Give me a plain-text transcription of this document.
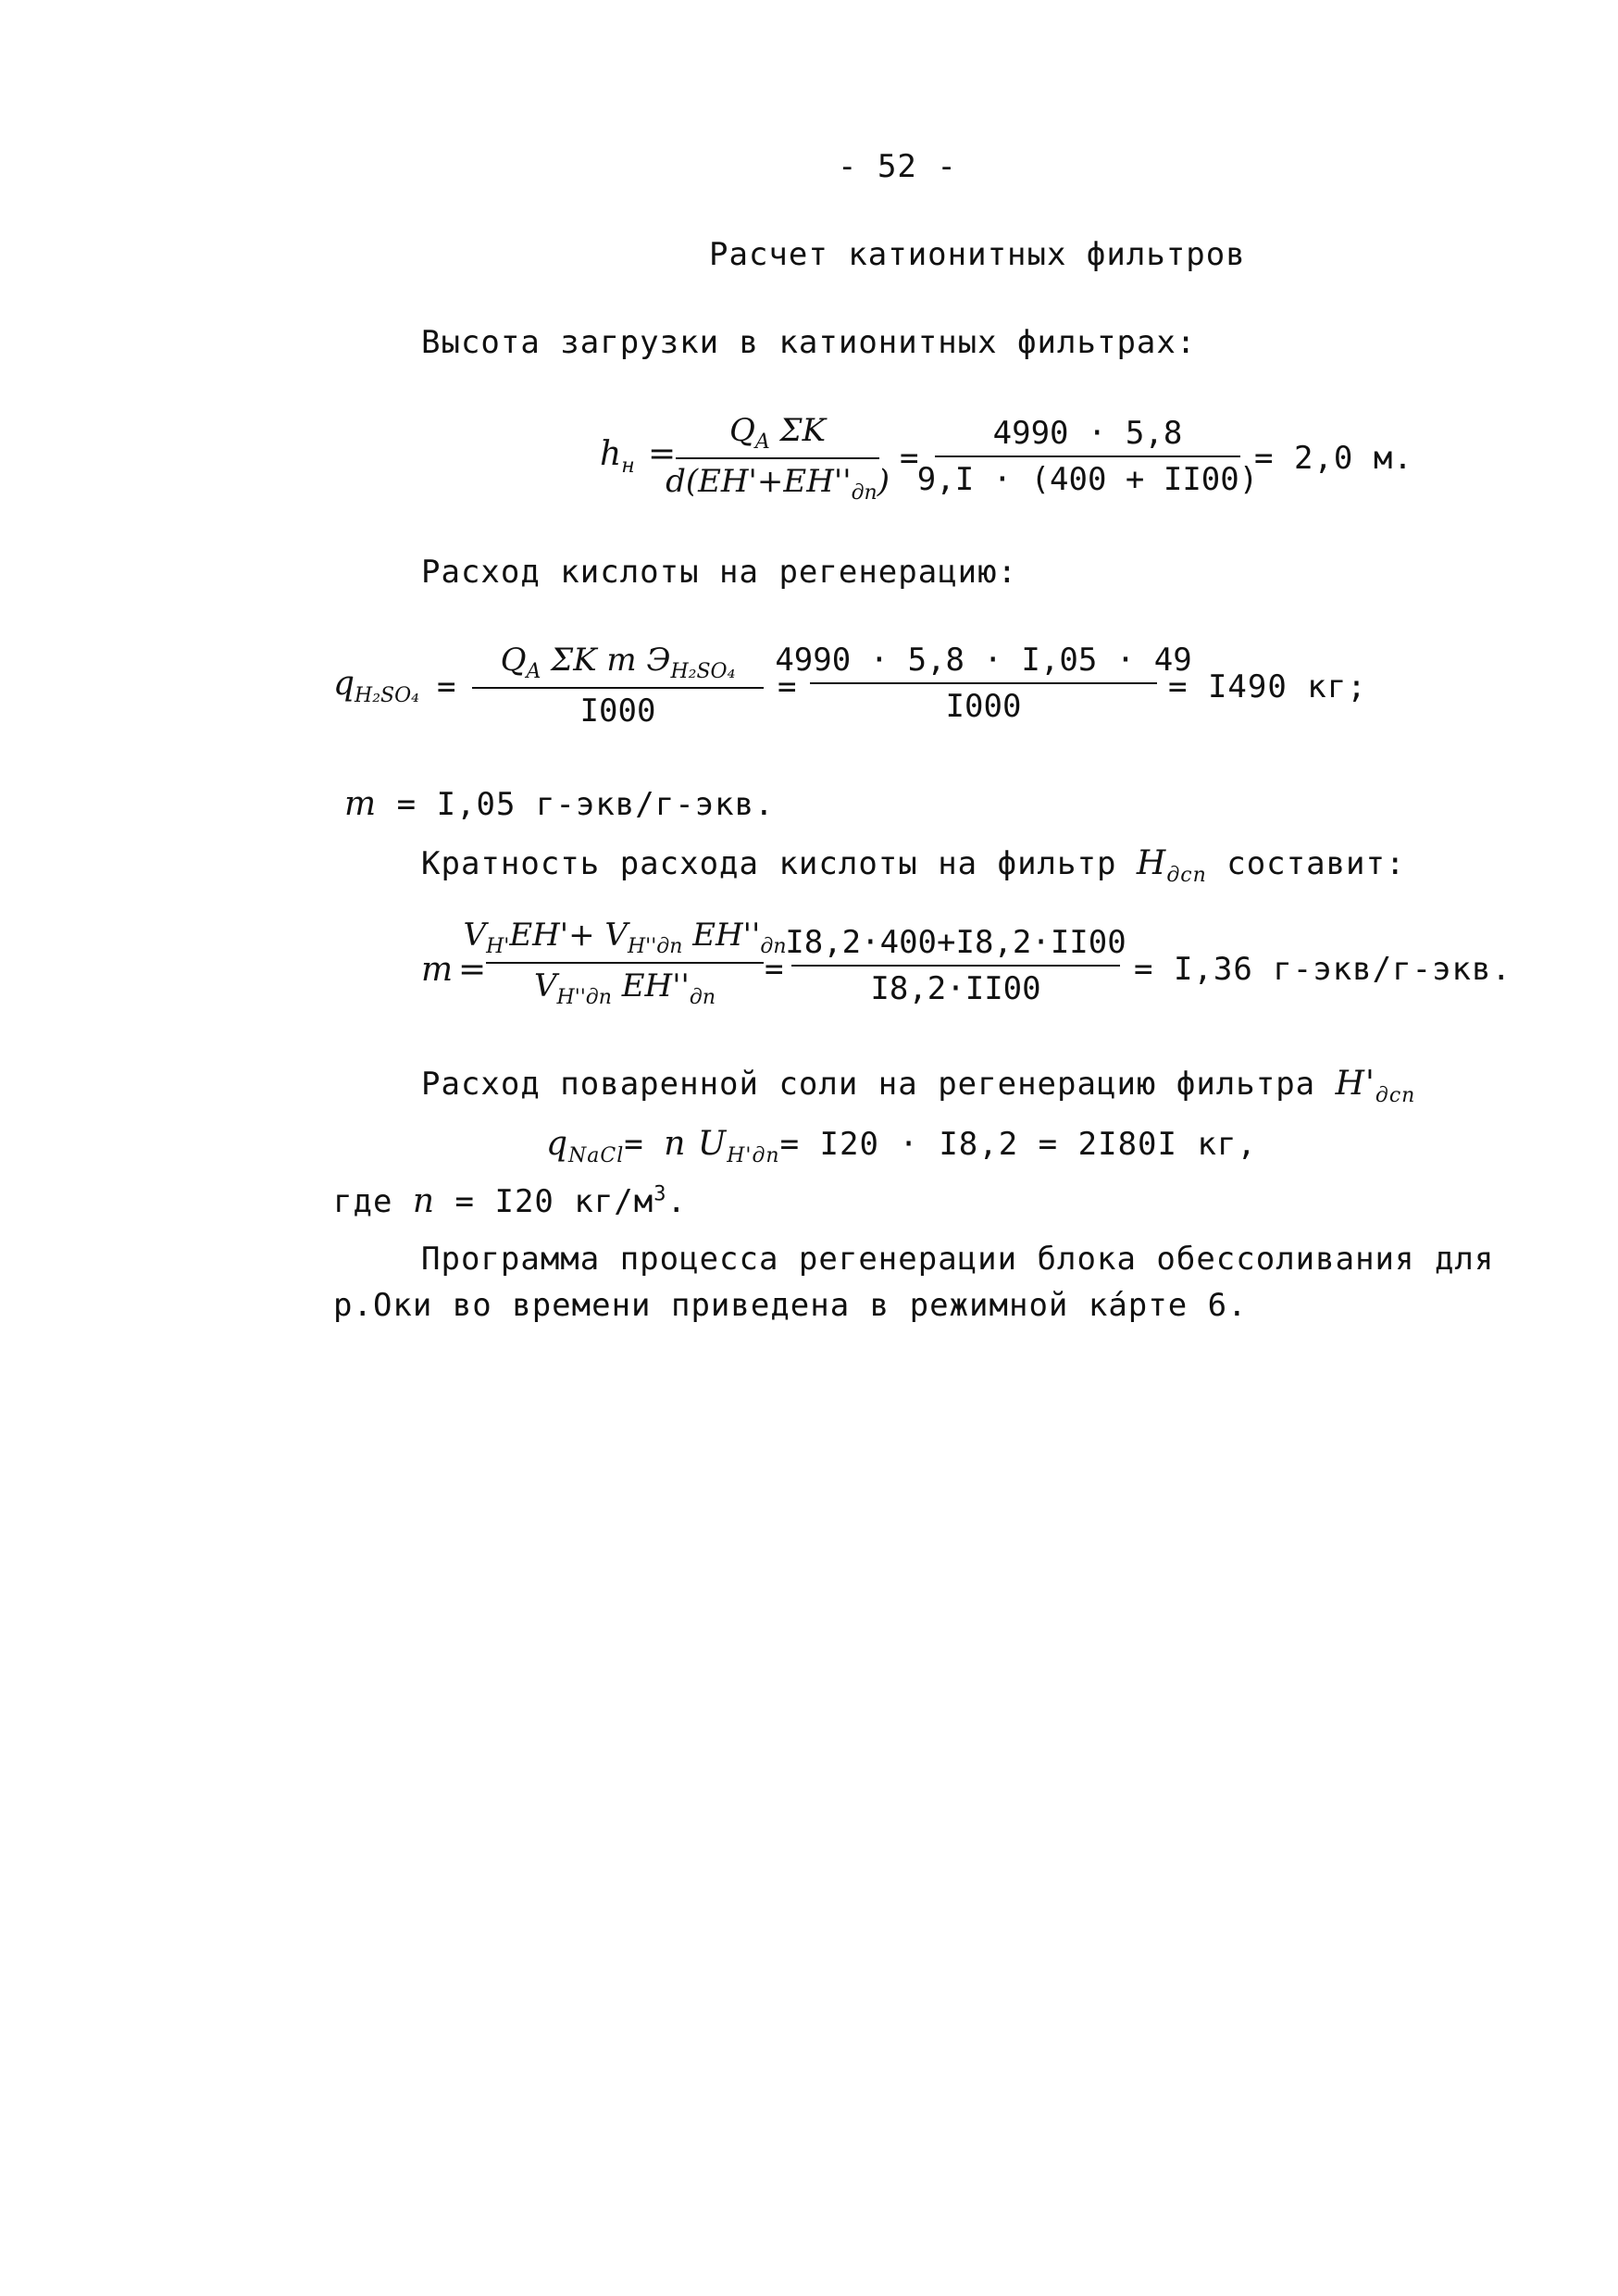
- 52 -
Расчет катионитных фильтров
Высота загрузки в катионитных фильтрах:
$h_н$ =
$Q_A$ ΣK
$d(EH'+EH''_{дп})$
=
4990 · 5,8
9,I · (400 + II00)
= 2,0 м.
Расход кислоты на регенерацию:
$q_{H_2SO_4}$ =
$Q_A$ ΣK m $Э_{H_2SO_4}$
I000
=
4990 · 5,8 · I,05 · 49
I000
= I490 кг;
m = I,05 г-экв/г-экв.
Кратность расхода кислоты на фильтр $H_{дсп}$ составит:
m =
$V_{H'}EH'+ V_{H''дп}$ $EH''_{дп}$
$V_{H''дп}$ $EH''_{дп}$
=
I8,2·400+I8,2·II00
I8,2·II00
= I,36 г-экв/г-экв.
Расход поваренной соли на регенерацию фильтра $H'_{дсп}$
$q_{NaCl}= n$ $U_{H'дп}= I20 \cdot I8,2 = 2I80I$ кг,
где n = I20 $кг/м^3$.
Программа процесса регенерации блока обессоливания для
р.Оки во времени приведена в режимной кáрте 6.
